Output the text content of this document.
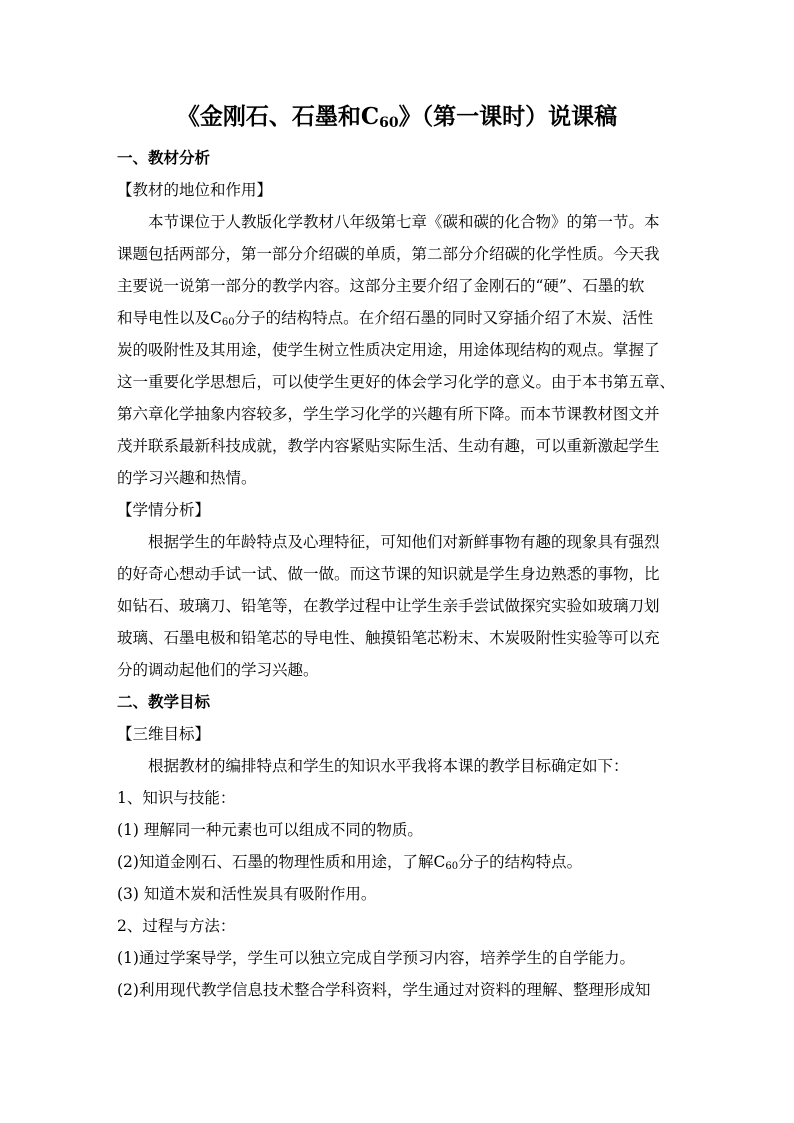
《金刚石、石墨和$C_{60}$》（第一课时）说课稿
一、教材分析
【教材的地位和作用】
本节课位于人教版化学教材八年级第七章《碳和碳的化合物》的第一节。本
课题包括两部分，第一部分介绍碳的单质，第二部分介绍碳的化学性质。今天我
主要说一说第一部分的教学内容。这部分主要介绍了金刚石的“硬”、石墨的软
和导电性以及$C_{60}$分子的结构特点。在介绍石墨的同时又穿插介绍了木炭、活性
炭的吸附性及其用途，使学生树立性质决定用途，用途体现结构的观点。掌握了
这一重要化学思想后，可以使学生更好的体会学习化学的意义。由于本书第五章、
第六章化学抽象内容较多，学生学习化学的兴趣有所下降。而本节课教材图文并
茂并联系最新科技成就，教学内容紧贴实际生活、生动有趣，可以重新激起学生
的学习兴趣和热情。
【学情分析】
根据学生的年龄特点及心理特征，可知他们对新鲜事物有趣的现象具有强烈
的好奇心想动手试一试、做一做。而这节课的知识就是学生身边熟悉的事物，比
如钻石、玻璃刀、铅笔等，在教学过程中让学生亲手尝试做探究实验如玻璃刀划
玻璃、石墨电极和铅笔芯的导电性、触摸铅笔芯粉末、木炭吸附性实验等可以充
分的调动起他们的学习兴趣。
二、教学目标
【三维目标】
根据教材的编排特点和学生的知识水平我将本课的教学目标确定如下：
1、知识与技能：
(1) 理解同一种元素也可以组成不同的物质。
(2)知道金刚石、石墨的物理性质和用途，了解$C_{60}$分子的结构特点。
(3) 知道木炭和活性炭具有吸附作用。
2、过程与方法：
(1)通过学案导学，学生可以独立完成自学预习内容，培养学生的自学能力。
(2)利用现代教学信息技术整合学科资料，学生通过对资料的理解、整理形成知
